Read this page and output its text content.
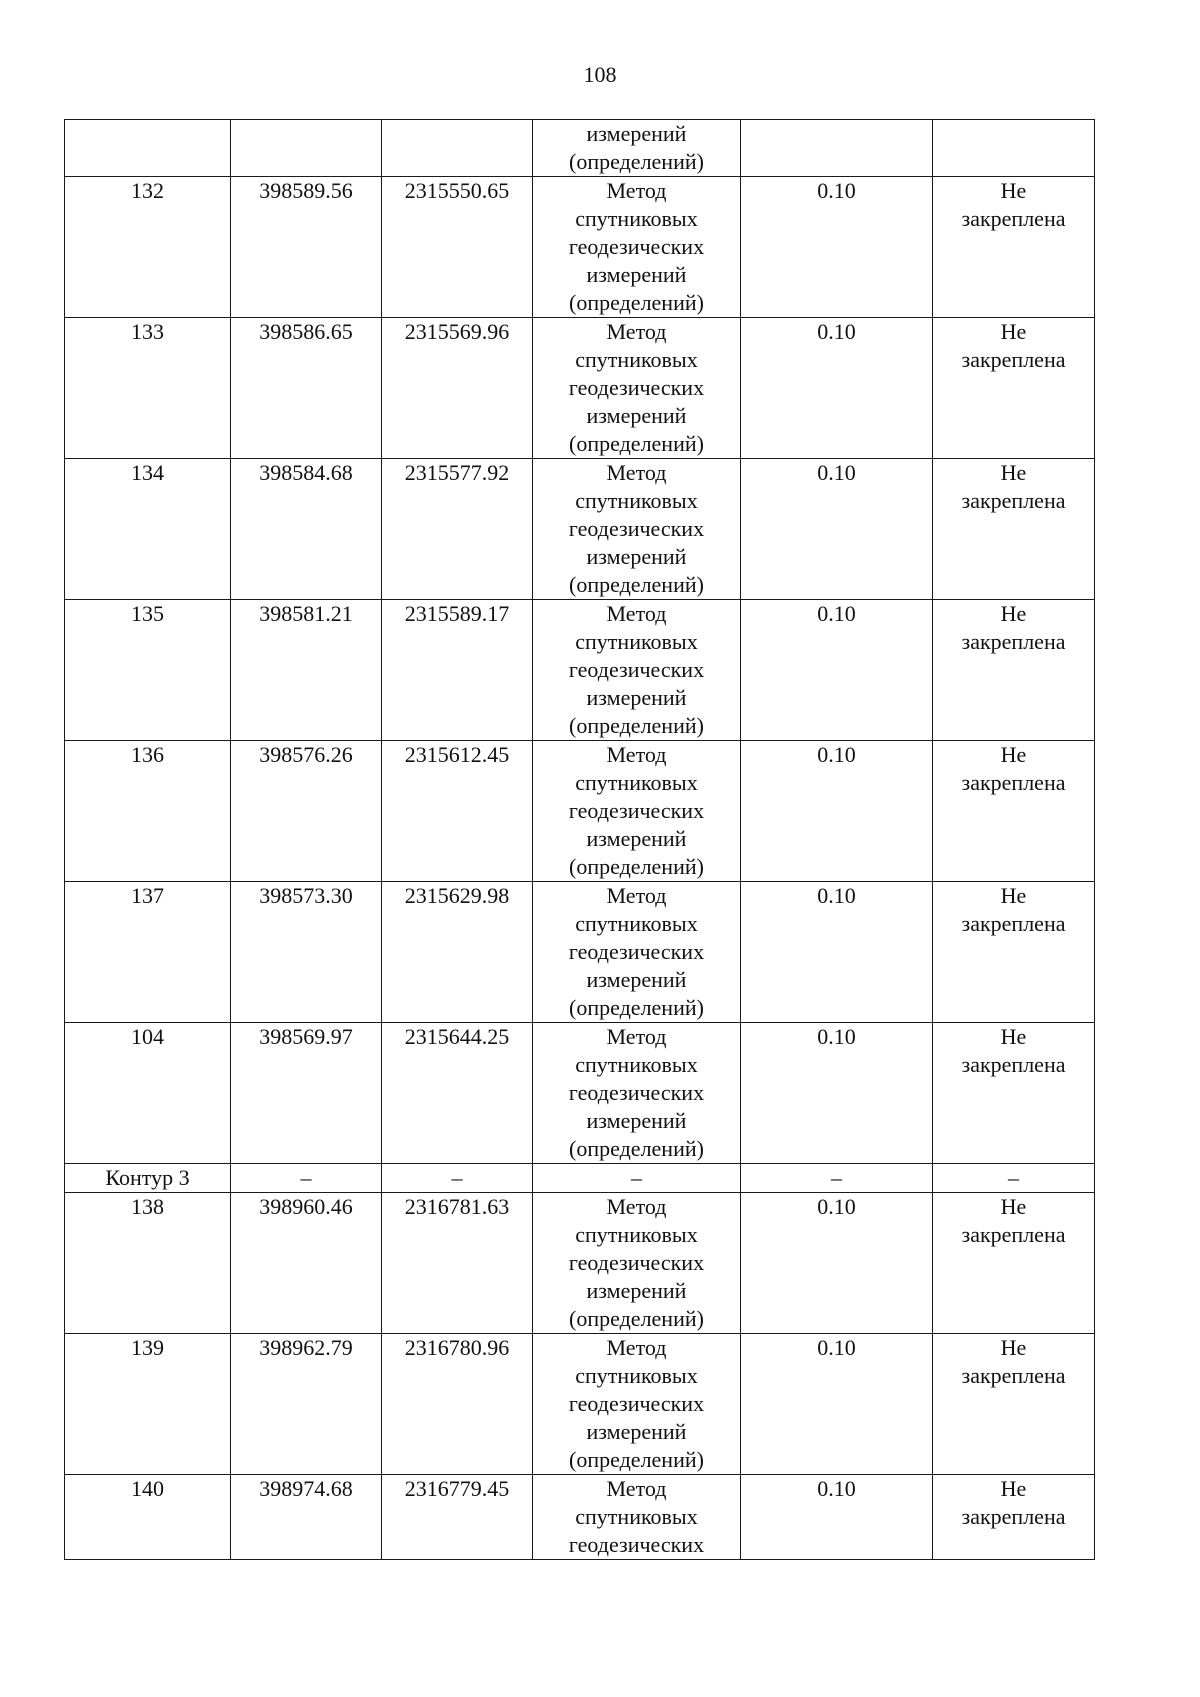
108

			измерений
(определений)		

132	398589.56	2315550.65	Метод
спутниковых
геодезических
измерений
(определений)	0.10	Не
закреплена

133	398586.65	2315569.96	Метод
спутниковых
геодезических
измерений
(определений)	0.10	Не
закреплена

134	398584.68	2315577.92	Метод
спутниковых
геодезических
измерений
(определений)	0.10	Не
закреплена

135	398581.21	2315589.17	Метод
спутниковых
геодезических
измерений
(определений)	0.10	Не
закреплена

136	398576.26	2315612.45	Метод
спутниковых
геодезических
измерений
(определений)	0.10	Не
закреплена

137	398573.30	2315629.98	Метод
спутниковых
геодезических
измерений
(определений)	0.10	Не
закреплена

104	398569.97	2315644.25	Метод
спутниковых
геодезических
измерений
(определений)	0.10	Не
закреплена

Контур 3	–	–	–	–	–
138	398960.46	2316781.63	Метод
спутниковых
геодезических
измерений
(определений)	0.10	Не
закреплена

139	398962.79	2316780.96	Метод
спутниковых
геодезических
измерений
(определений)	0.10	Не
закреплена

140	398974.68	2316779.45	Метод
спутниковых
геодезических	0.10	Не
закреплена
